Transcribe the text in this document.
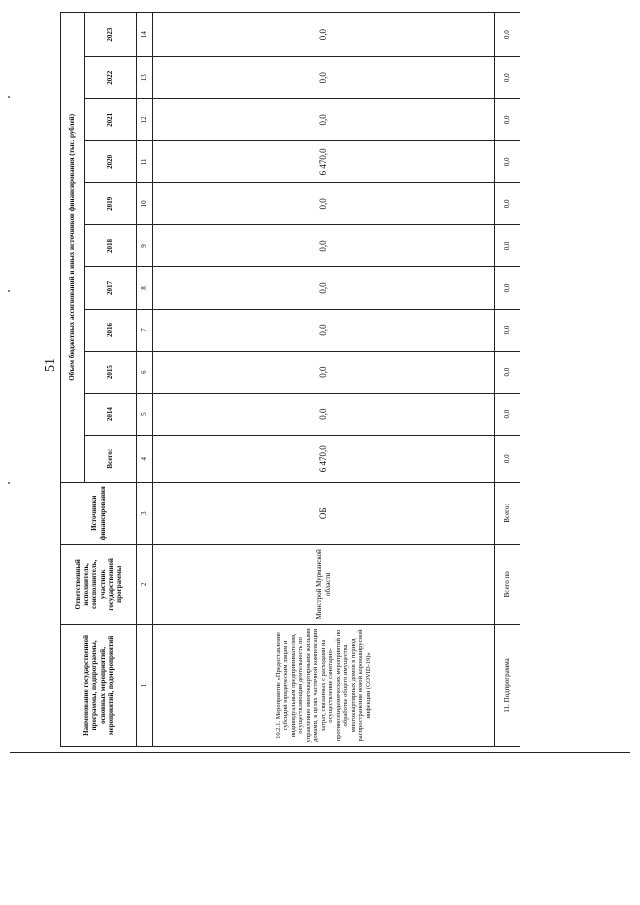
51
Наименование государственной программы, подпрограммы, основных мероприятий, мероприятий, подмероприятий	Ответственный исполнитель, соисполнитель, участник государственной программы	Источники финансирования	Объем бюджетных ассигнований и иных источников финансирования (тыс. рублей)										
			Всего:	2014	2015	2016	2017	2018	2019	2020	2021	2022	2023
1	2	3	4	5	6	7	8	9	10	11	12	13	14
10.2.1. Мероприятие «Предоставление субсидий юридическим лицам и индивидуальным предпринимателям, осуществляющим деятельность по управлению многоквартирными жилыми домами, в целях частичной компенсации затрат, связанных с расходами на осуществление санитарно-противоэпидемических мероприятий по обработке общего имущества многоквартирных домов в период распространения новой коронавирусной инфекции (COVID-19)»	Минстрой Мурманской области	ОБ	6 470,0	0,0	0,0	0,0	0,0	0,0	0,0	6 470,0	0,0	0,0	0,0
11. Подпрограмма	Всего по	Всего:	0,0	0,0	0,0	0,0	0,0	0,0	0,0	0,0	0,0	0,0	0,0
